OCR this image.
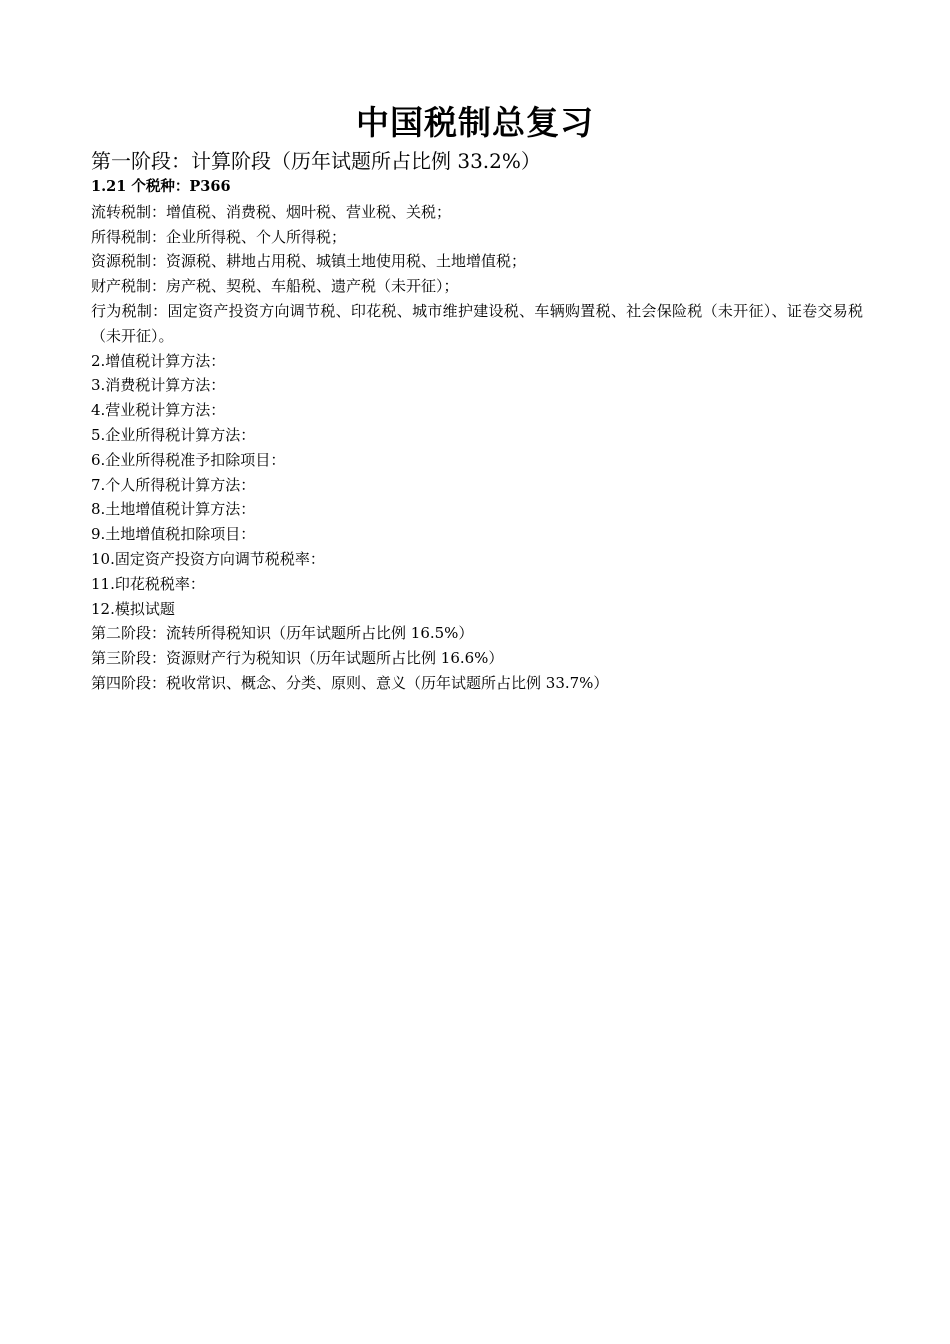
中国税制总复习
第一阶段：计算阶段（历年试题所占比例 33.2%）
1.21 个税种：P366
流转税制：增值税、消费税、烟叶税、营业税、关税；
所得税制：企业所得税、个人所得税；
资源税制：资源税、耕地占用税、城镇土地使用税、土地增值税；
财产税制：房产税、契税、车船税、遗产税（未开征）；
行为税制：固定资产投资方向调节税、印花税、城市维护建设税、车辆购置税、社会保险税（未开征）、证卷交易税（未开征）。
2.增值税计算方法：
3.消费税计算方法：
4.营业税计算方法：
5.企业所得税计算方法：
6.企业所得税准予扣除项目：
7.个人所得税计算方法：
8.土地增值税计算方法：
9.土地增值税扣除项目：
10.固定资产投资方向调节税税率：
11.印花税税率：
12.模拟试题
第二阶段：流转所得税知识（历年试题所占比例 16.5%）
第三阶段：资源财产行为税知识（历年试题所占比例 16.6%）
第四阶段：税收常识、概念、分类、原则、意义（历年试题所占比例 33.7%）
